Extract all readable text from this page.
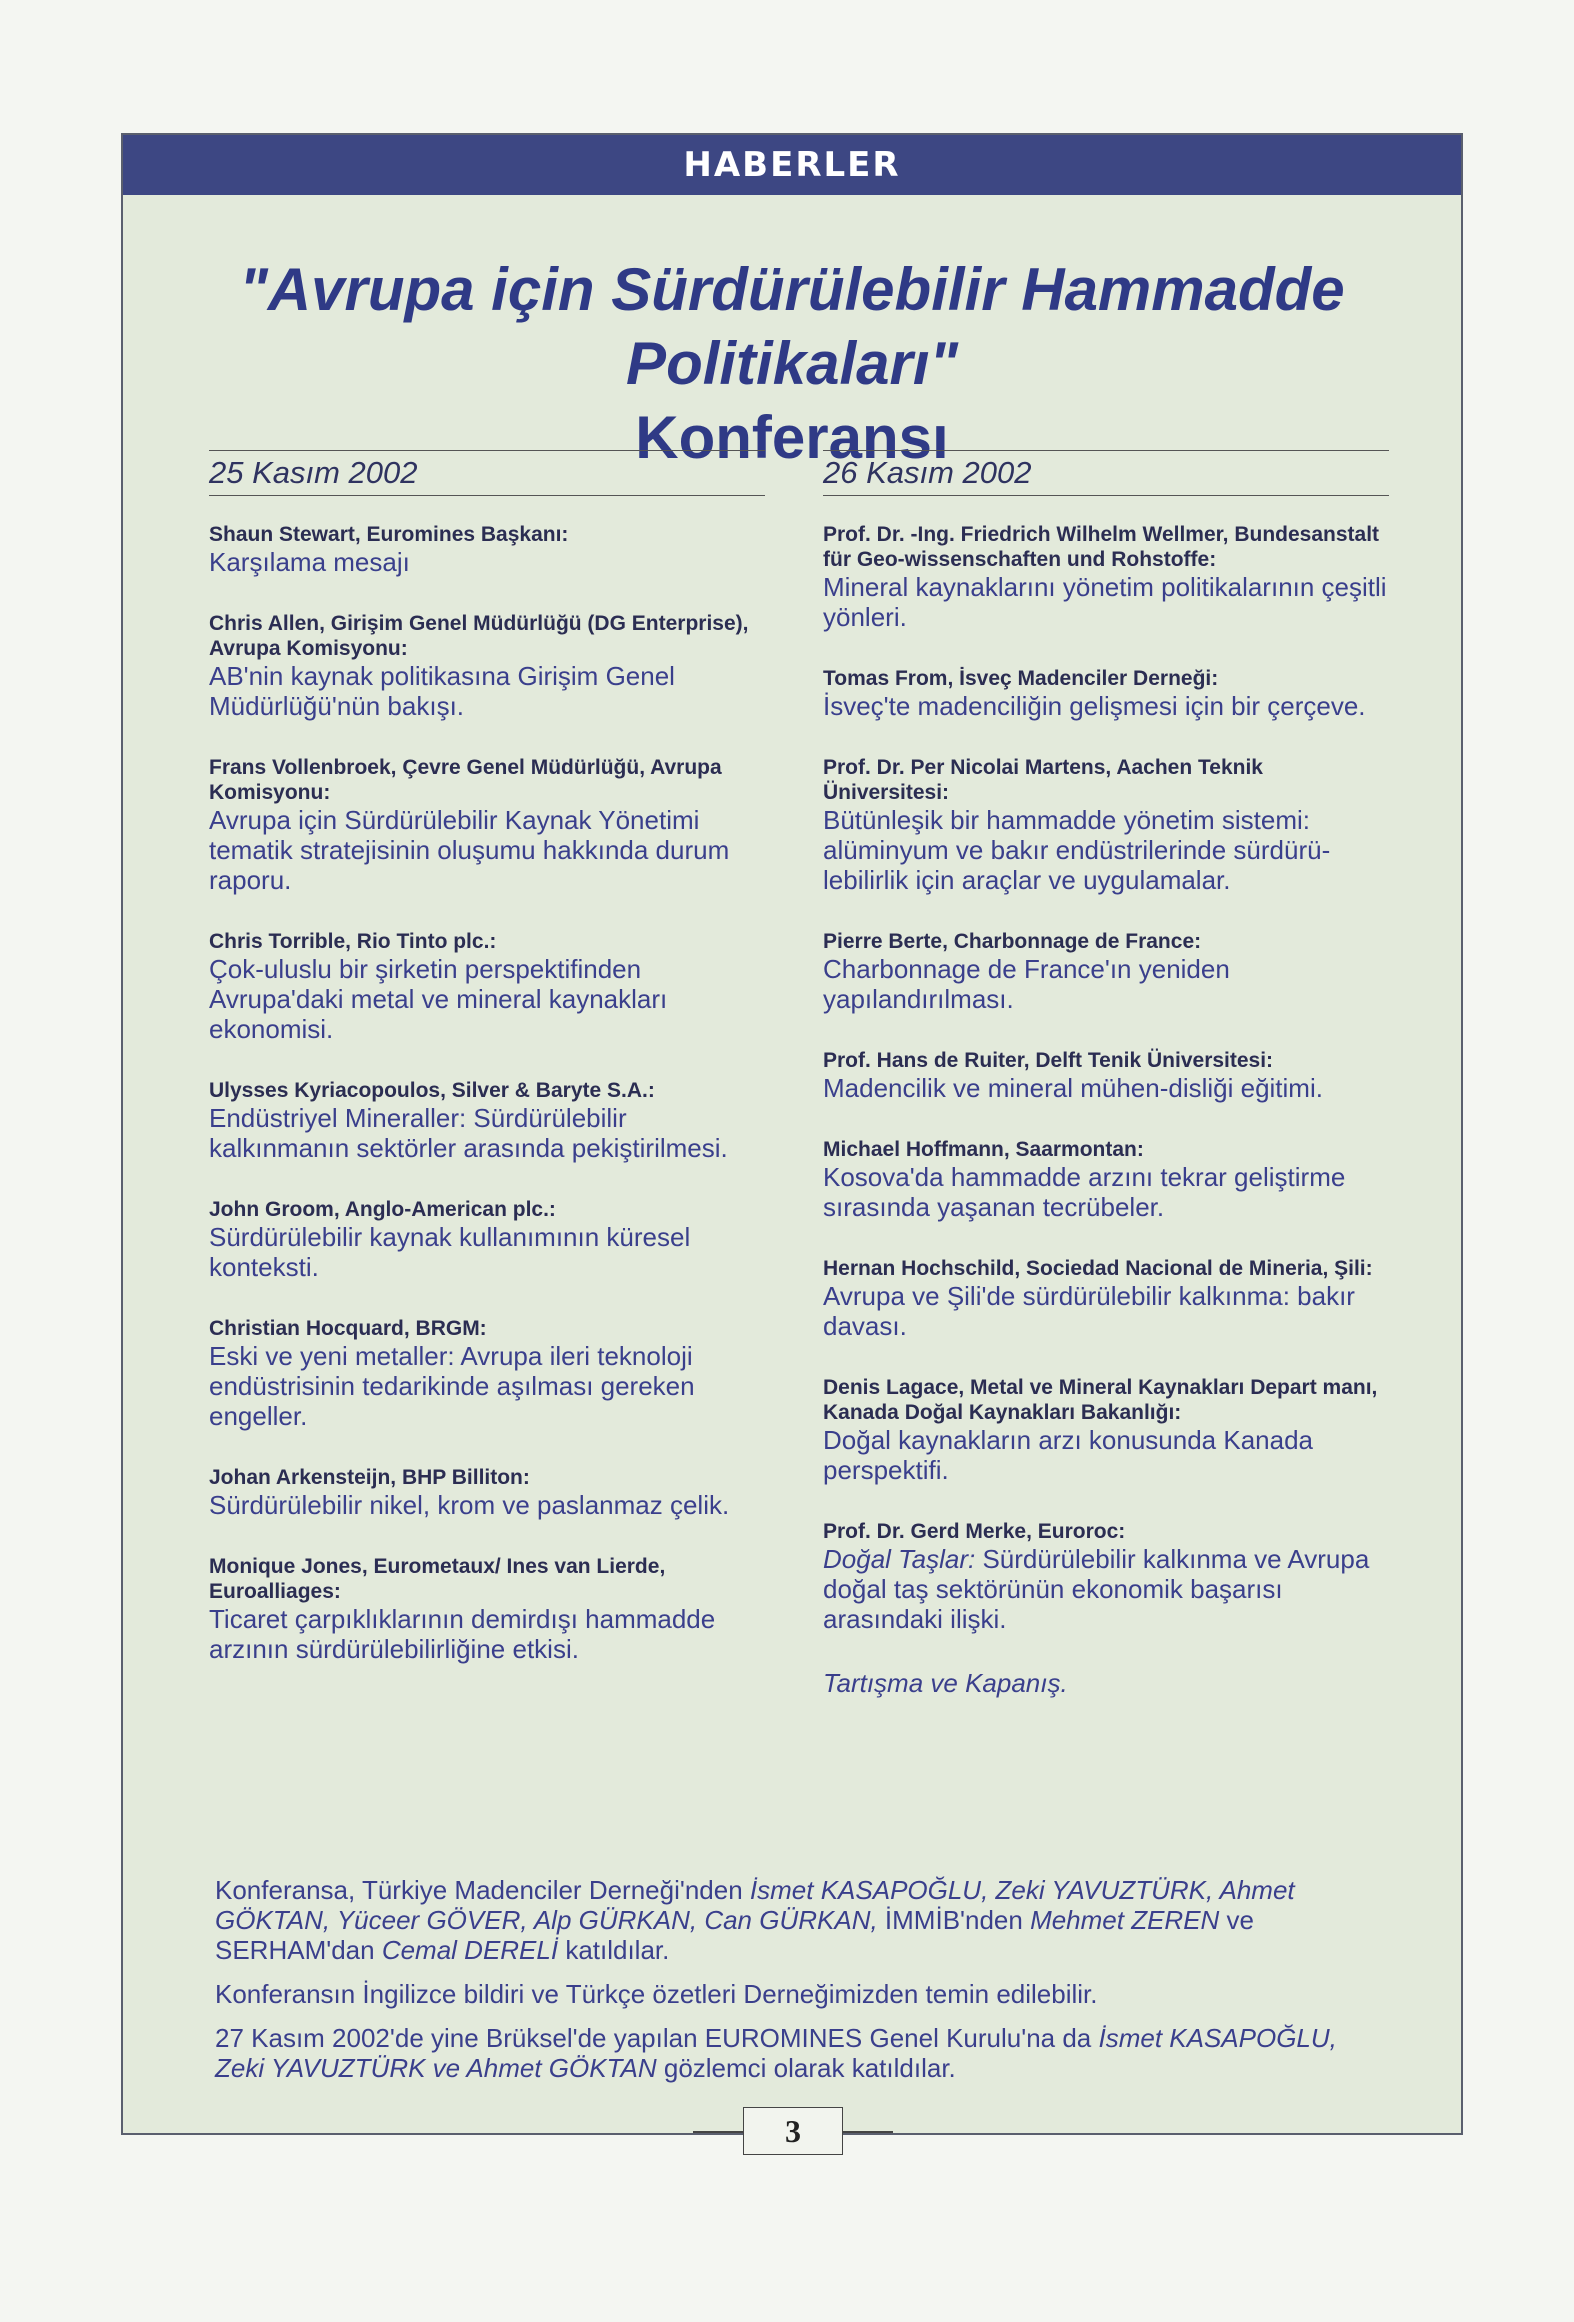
HABERLER
"Avrupa için Sürdürülebilir Hammadde Politikaları"
Konferansı
25 Kasım 2002
Shaun Stewart, Euromines Başkanı:
Karşılama mesajı
Chris Allen, Girişim Genel Müdürlüğü (DG Enterprise), Avrupa Komisyonu:
AB'nin kaynak politikasına Girişim Genel Müdürlüğü'nün bakışı.
Frans Vollenbroek, Çevre Genel Müdürlüğü, Avrupa Komisyonu:
Avrupa için Sürdürülebilir Kaynak Yönetimi tematik stratejisinin oluşumu hakkında durum raporu.
Chris Torrible, Rio Tinto plc.:
Çok-uluslu bir şirketin perspektifinden Avrupa'daki metal ve mineral kaynakları ekonomisi.
Ulysses Kyriacopoulos, Silver & Baryte S.A.:
Endüstriyel Mineraller: Sürdürülebilir kalkınmanın sektörler arasında pekiştirilmesi.
John Groom, Anglo-American plc.:
Sürdürülebilir kaynak kullanımının küresel konteksti.
Christian Hocquard, BRGM:
Eski ve yeni metaller: Avrupa ileri teknoloji endüstrisinin tedarikinde aşılması gereken engeller.
Johan Arkensteijn, BHP Billiton:
Sürdürülebilir nikel, krom ve paslanmaz çelik.
Monique Jones, Eurometaux/ Ines van Lierde, Euroalliages:
Ticaret çarpıklıklarının demirdışı hammadde arzının sürdürülebilirliğine etkisi.
26 Kasım 2002
Prof. Dr. -Ing. Friedrich Wilhelm Wellmer, Bundesanstalt für Geo-wissenschaften und Rohstoffe:
Mineral kaynaklarını yönetim politikalarının çeşitli yönleri.
Tomas From, İsveç Madenciler Derneği:
İsveç'te madenciliğin gelişmesi için bir çerçeve.
Prof. Dr. Per Nicolai Martens, Aachen Teknik Üniversitesi:
Bütünleşik bir hammadde yönetim sistemi: alüminyum ve bakır endüstrilerinde sürdürü-lebilirlik için araçlar ve uygulamalar.
Pierre Berte, Charbonnage de France:
Charbonnage de France'ın yeniden yapılandırılması.
Prof. Hans de Ruiter, Delft Tenik Üniversitesi:
Madencilik ve mineral mühen-disliği eğitimi.
Michael Hoffmann, Saarmontan:
Kosova'da hammadde arzını tekrar geliştirme sırasında yaşanan tecrübeler.
Hernan Hochschild, Sociedad Nacional de Mineria, Şili:
Avrupa ve Şili'de sürdürülebilir kalkınma: bakır davası.
Denis Lagace, Metal ve Mineral Kaynakları Depart manı, Kanada Doğal Kaynakları Bakanlığı:
Doğal kaynakların arzı konusunda Kanada perspektifi.
Prof. Dr. Gerd Merke, Euroroc:
Doğal Taşlar: Sürdürülebilir kalkınma ve Avrupa doğal taş sektörünün ekonomik başarısı arasındaki ilişki.
Tartışma ve Kapanış.

Konferansa, Türkiye Madenciler Derneği'nden İsmet KASAPOĞLU, Zeki YAVUZTÜRK, Ahmet GÖKTAN, Yüceer GÖVER, Alp GÜRKAN, Can GÜRKAN, İMMİB'nden Mehmet ZEREN ve SERHAM'dan Cemal DERELİ katıldılar.

Konferansın İngilizce bildiri ve Türkçe özetleri Derneğimizden temin edilebilir.

27 Kasım 2002'de yine Brüksel'de yapılan EUROMINES Genel Kurulu'na da İsmet KASAPOĞLU, Zeki YAVUZTÜRK ve Ahmet GÖKTAN gözlemci olarak katıldılar.

3
